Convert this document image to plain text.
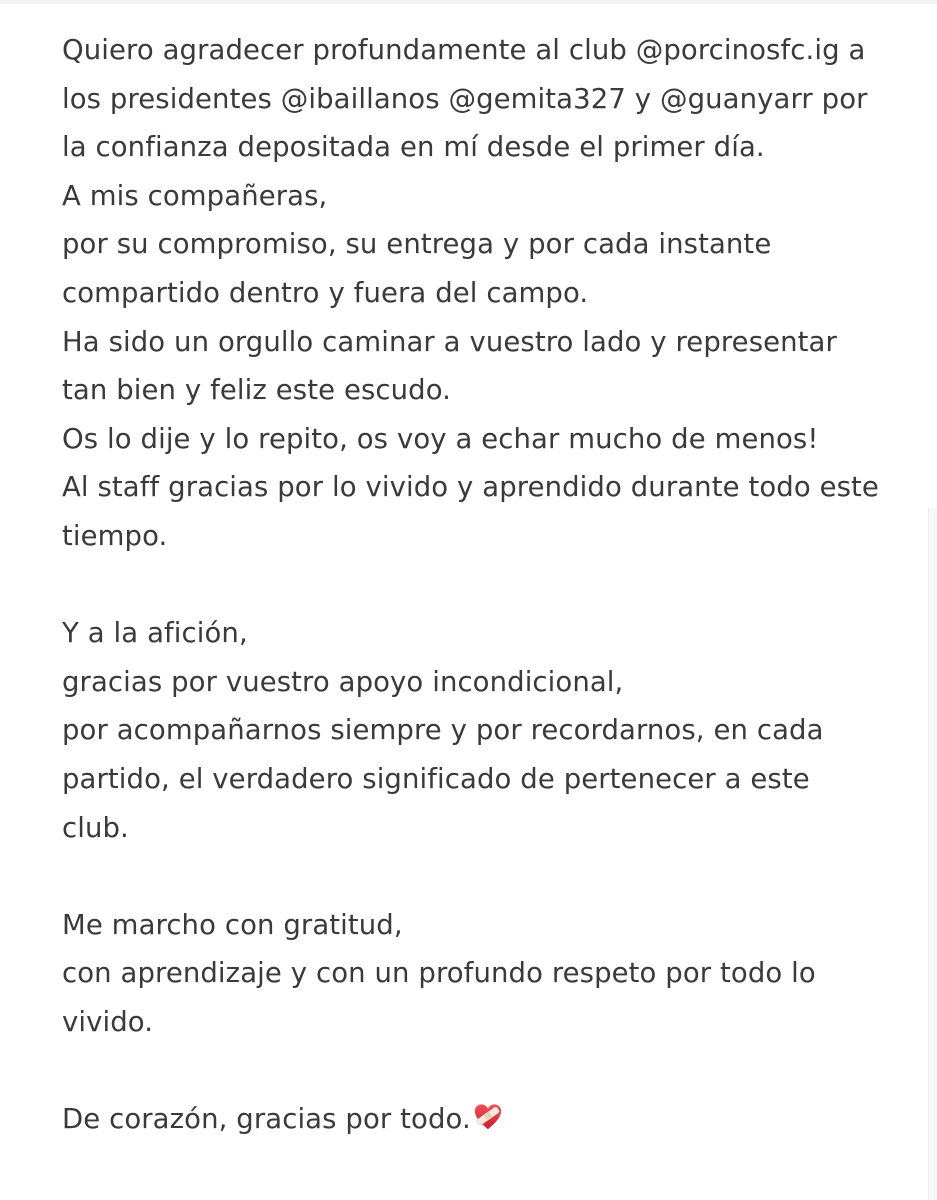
Quiero agradecer profundamente al club @porcinosfc.ig a
los presidentes @ibaillanos @gemita327 y @guanyarr por
la confianza depositada en mí desde el primer día.
A mis compañeras,
por su compromiso, su entrega y por cada instante
compartido dentro y fuera del campo.
Ha sido un orgullo caminar a vuestro lado y representar
tan bien y feliz este escudo.
Os lo dije y lo repito, os voy a echar mucho de menos!
Al staff gracias por lo vivido y aprendido durante todo este
tiempo.
Y a la afición,
gracias por vuestro apoyo incondicional,
por acompañarnos siempre y por recordarnos, en cada
partido, el verdadero significado de pertenecer a este
club.
Me marcho con gratitud,
con aprendizaje y con un profundo respeto por todo lo
vivido.
De corazón, gracias por todo.
